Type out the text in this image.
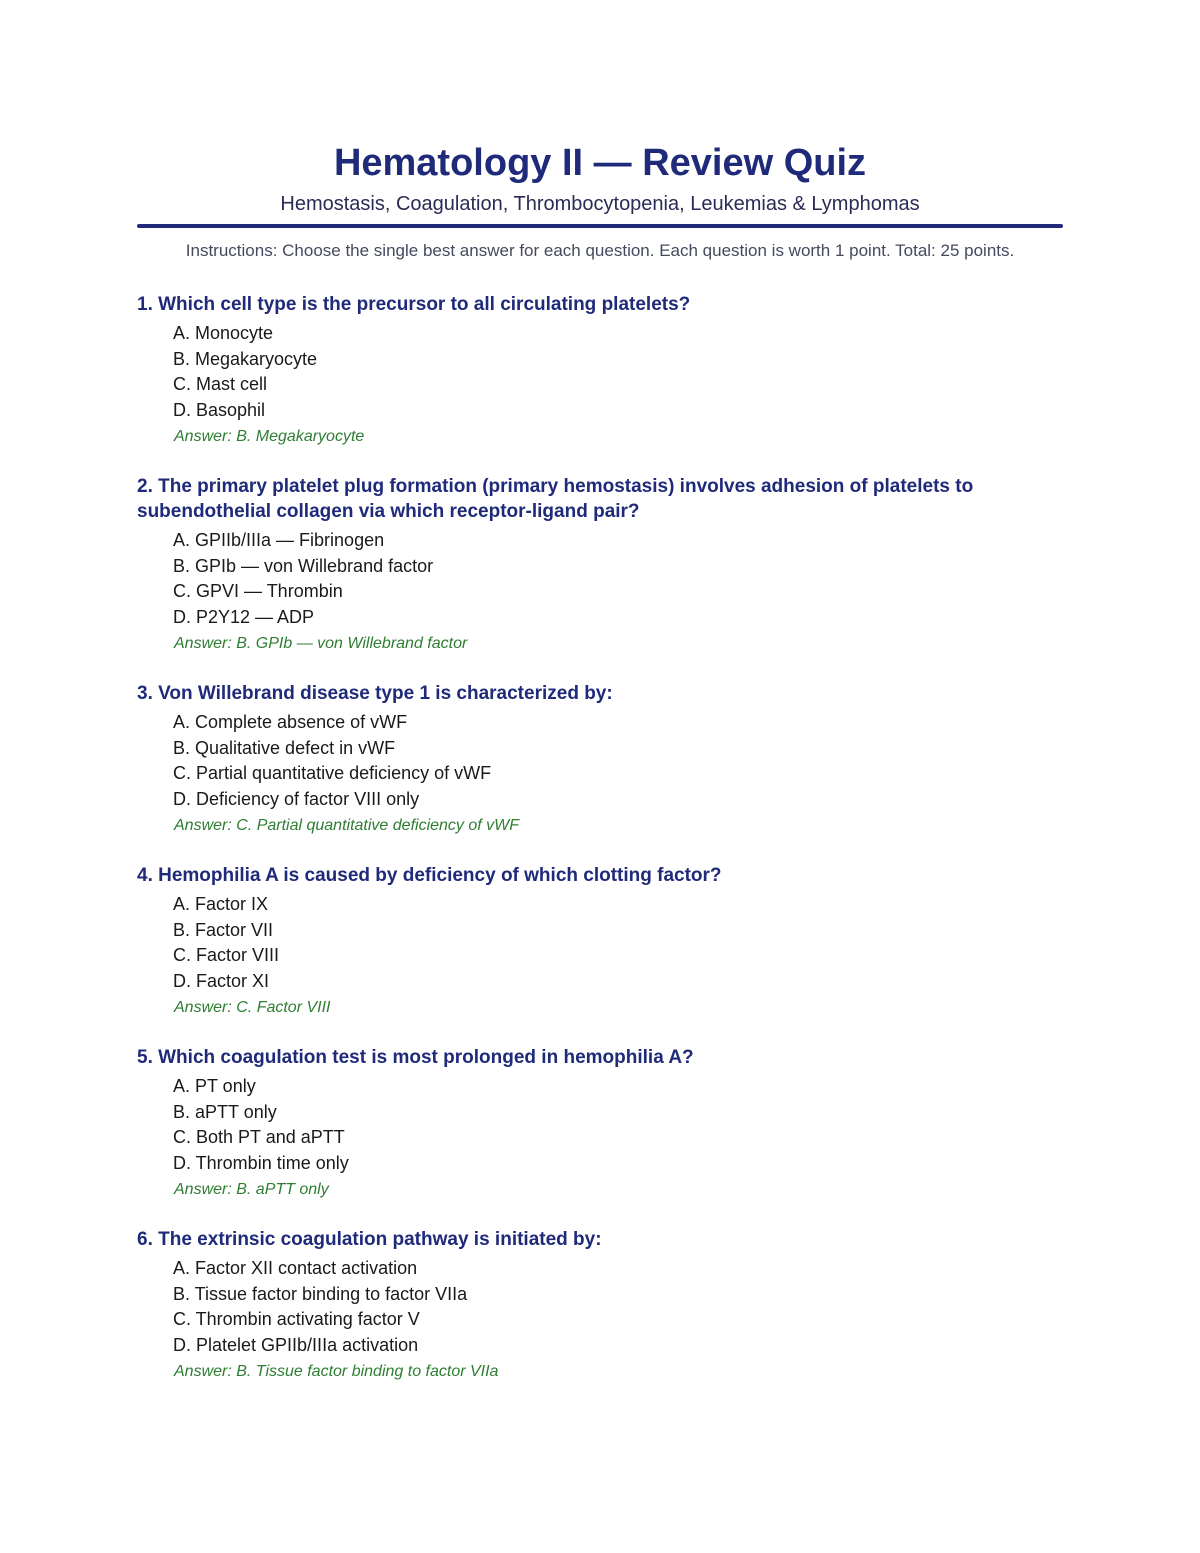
Hematology II — Review Quiz
Hemostasis, Coagulation, Thrombocytopenia, Leukemias & Lymphomas
Instructions: Choose the single best answer for each question. Each question is worth 1 point. Total: 25 points.

1. Which cell type is the precursor to all circulating platelets?

A. Monocyte
B. Megakaryocyte
C. Mast cell
D. Basophil
Answer: B. Megakaryocyte

2. The primary platelet plug formation (primary hemostasis) involves adhesion of platelets to subendothelial collagen via which receptor-ligand pair?

A. GPIIb/IIIa — Fibrinogen
B. GPIb — von Willebrand factor
C. GPVI — Thrombin
D. P2Y12 — ADP
Answer: B. GPIb — von Willebrand factor

3. Von Willebrand disease type 1 is characterized by:

A. Complete absence of vWF
B. Qualitative defect in vWF
C. Partial quantitative deficiency of vWF
D. Deficiency of factor VIII only
Answer: C. Partial quantitative deficiency of vWF

4. Hemophilia A is caused by deficiency of which clotting factor?

A. Factor IX
B. Factor VII
C. Factor VIII
D. Factor XI
Answer: C. Factor VIII

5. Which coagulation test is most prolonged in hemophilia A?

A. PT only
B. aPTT only
C. Both PT and aPTT
D. Thrombin time only
Answer: B. aPTT only

6. The extrinsic coagulation pathway is initiated by:

A. Factor XII contact activation
B. Tissue factor binding to factor VIIa
C. Thrombin activating factor V
D. Platelet GPIIb/IIIa activation
Answer: B. Tissue factor binding to factor VIIa
